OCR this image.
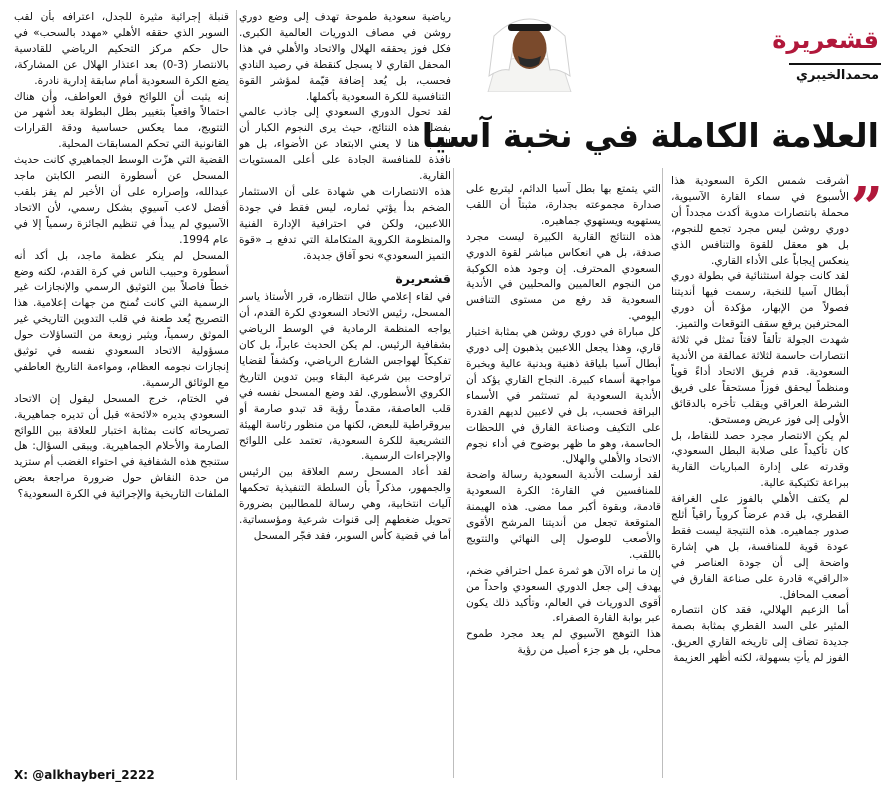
قشعريرة
محمدالخيبري
العلامة الكاملة في نخبة آسيا
”

أشرقت شمس الكرة السعودية هذا الأسبوع في سماء القارة الآسيوية، محملة بانتصارات مدوية أكدت مجدداً أن دوري روشن ليس مجرد تجمع للنجوم، بل هو معقل للقوة والتنافس الذي ينعكس إيجاباً على الأداء القاري.

لقد كانت جولة استثنائية في بطولة دوري أبطال آسيا للنخبة، رسمت فيها أنديتنا فصولاً من الإبهار، مؤكدة أن دوري المحترفين يرفع سقف التوقعات والتميز.

شهدت الجولة تألقاً لافتاً تمثل في ثلاثة انتصارات حاسمة لثلاثة عمالقة من الأندية السعودية. قدم فريق الاتحاد أداءً قوياً ومنظماً ليحقق فوزاً مستحقاً على فريق الشرطة العراقي ويقلب تأخره بالدقائق الأولى إلى فوز عريض ومستحق.

لم يكن الانتصار مجرد حصد للنقاط، بل كان تأكيداً على صلابة البطل السعودي، وقدرته على إدارة المباريات القارية ببراعة تكتيكية عالية.

لم يكتف الأهلي بالفوز على الغرافة القطري، بل قدم عرضاً كروياً راقياً أثلج صدور جماهيره. هذه النتيجة ليست فقط عودة قوية للمنافسة، بل هي إشارة واضحة إلى أن جودة العناصر في «الراقي» قادرة على صناعة الفارق في أصعب المحافل.

أما الزعيم الهلالي، فقد كان انتصاره المثير على السد القطري بمثابة بصمة جديدة تضاف إلى تاريخه القاري العريق. الفوز لم يأتِ بسهولة، لكنه أظهر العزيمة

التي يتمتع بها بطل آسيا الدائم، ليتربع على صدارة مجموعته بجدارة، مثبتاً أن اللقب يستهويه ويستهوي جماهيره.

هذه النتائج القارية الكبيرة ليست مجرد صدفة، بل هي انعكاس مباشر لقوة الدوري السعودي المحترف. إن وجود هذه الكوكبة من النجوم العالميين والمحليين في الأندية السعودية قد رفع من مستوى التنافس اليومي.

كل مباراة في دوري روشن هي بمثابة اختبار قاري، وهذا يجعل اللاعبين يذهبون إلى دوري أبطال آسيا بلياقة ذهنية وبدنية عالية وبخبرة مواجهة أسماء كبيرة. النجاح القاري يؤكد أن الأندية السعودية لم تستثمر في الأسماء البراقة فحسب، بل في لاعبين لديهم القدرة على التكيف وصناعة الفارق في اللحظات الحاسمة، وهو ما ظهر بوضوح في أداء نجوم الاتحاد والأهلي والهلال.

لقد أرسلت الأندية السعودية رسالة واضحة للمنافسين في القارة: الكرة السعودية قادمة، وبقوة أكبر مما مضى. هذه الهيمنة المتوقعة تجعل من أنديتنا المرشح الأقوى والأصعب للوصول إلى النهائي والتتويج باللقب.

إن ما نراه الآن هو ثمرة عمل احترافي ضخم، يهدف إلى جعل الدوري السعودي واحداً من أقوى الدوريات في العالم، وتأكيد ذلك يكون عبر بوابة القارة الصفراء.

هذا التوهج الآسيوي لم يعد مجرد طموح محلي، بل هو جزء أصيل من رؤية

رياضية سعودية طموحة تهدف إلى وضع دوري روشن في مصاف الدوريات العالمية الكبرى. فكل فوز يحققه الهلال والاتحاد والأهلي في هذا المحفل القاري لا يسجل كنقطة في رصيد النادي فحسب، بل يُعد إضافة قيّمة لمؤشر القوة التنافسية للكرة السعودية بأكملها.

لقد تحول الدوري السعودي إلى جاذب عالمي بفضل هذه النتائج، حيث يرى النجوم الكبار أن اللعب هنا لا يعني الابتعاد عن الأضواء، بل هو نافذة للمنافسة الجادة على أعلى المستويات القارية.

هذه الانتصارات هي شهادة على أن الاستثمار الضخم بدأ يؤتي ثماره، ليس فقط في جودة اللاعبين، ولكن في احترافية الإدارة الفنية والمنظومة الكروية المتكاملة التي تدفع بـ «قوة التميز السعودي» نحو آفاق جديدة.

قشعريرة

في لقاء إعلامي طال انتظاره، قرر الأستاذ ياسر المسحل، رئيس الاتحاد السعودي لكرة القدم، أن يواجه المنظمة الرمادية في الوسط الرياضي بشفافية الرئيس. لم يكن الحديث عابراً، بل كان تفكيكاً لهواجس الشارع الرياضي، وكشفاً لقضايا تراوحت بين شرعية البقاء وبين تدوين التاريخ الكروي الأسطوري. لقد وضع المسحل نفسه في قلب العاصفة، مقدماً رؤية قد تبدو صارمة أو بيروقراطية للبعض، لكنها من منظور رئاسة الهيئة التشريعية للكرة السعودية، تعتمد على اللوائح والإجراءات الرسمية.

لقد أعاد المسحل رسم العلاقة بين الرئيس والجمهور، مذكراً بأن السلطة التنفيذية تحكمها آليات انتخابية، وهي رسالة للمطالبين بضرورة تحويل ضغطهم إلى قنوات شرعية ومؤسساتية. أما في قضية كأس السوبر، فقد فجّر المسحل

قنبلة إجرائية مثيرة للجدل، اعترافه بأن لقب السوبر الذي حققه الأهلي «مهدد بالسحب» في حال حكم مركز التحكيم الرياضي للقادسية بالانتصار (3-0) بعد اعتذار الهلال عن المشاركة، يضع الكرة السعودية أمام سابقة إدارية نادرة.

إنه يثبت أن اللوائح فوق العواطف، وأن هناك احتمالاً واقعياً بتغيير بطل البطولة بعد أشهر من التتويج، مما يعكس حساسية ودقة القرارات القانونية التي تحكم المسابقات المحلية.

القضية التي هزّت الوسط الجماهيري كانت حديث المسحل عن أسطورة النصر الكابتن ماجد عبدالله، وإصراره على أن الأخير لم يفز بلقب أفضل لاعب آسيوي بشكل رسمي، لأن الاتحاد الآسيوي لم يبدأ في تنظيم الجائزة رسمياً إلا في عام 1994.

المسحل لم ينكر عظمة ماجد، بل أكد أنه أسطورة وحبيب الناس في كرة القدم، لكنه وضع خطاً فاصلاً بين التوثيق الرسمي والإنجازات غير الرسمية التي كانت تُمنح من جهات إعلامية. هذا التصريح يُعد طعنة في قلب التدوين التاريخي غير الموثق رسمياً، ويثير زوبعة من التساؤلات حول مسؤولية الاتحاد السعودي نفسه في توثيق إنجازات نجومه العظام، ومواءمة التاريخ العاطفي مع الوثائق الرسمية.

في الختام، خرج المسحل ليقول إن الاتحاد السعودي يديره «لائحة» قبل أن تديره جماهيرية. تصريحاته كانت بمثابة اختبار للعلاقة بين اللوائح الصارمة والأحلام الجماهيرية. ويبقى السؤال: هل ستنجح هذه الشفافية في احتواء الغضب أم ستزيد من حدة النقاش حول ضرورة مراجعة بعض الملفات التاريخية والإجرائية في الكرة السعودية؟

X: @alkhayberi_2222
